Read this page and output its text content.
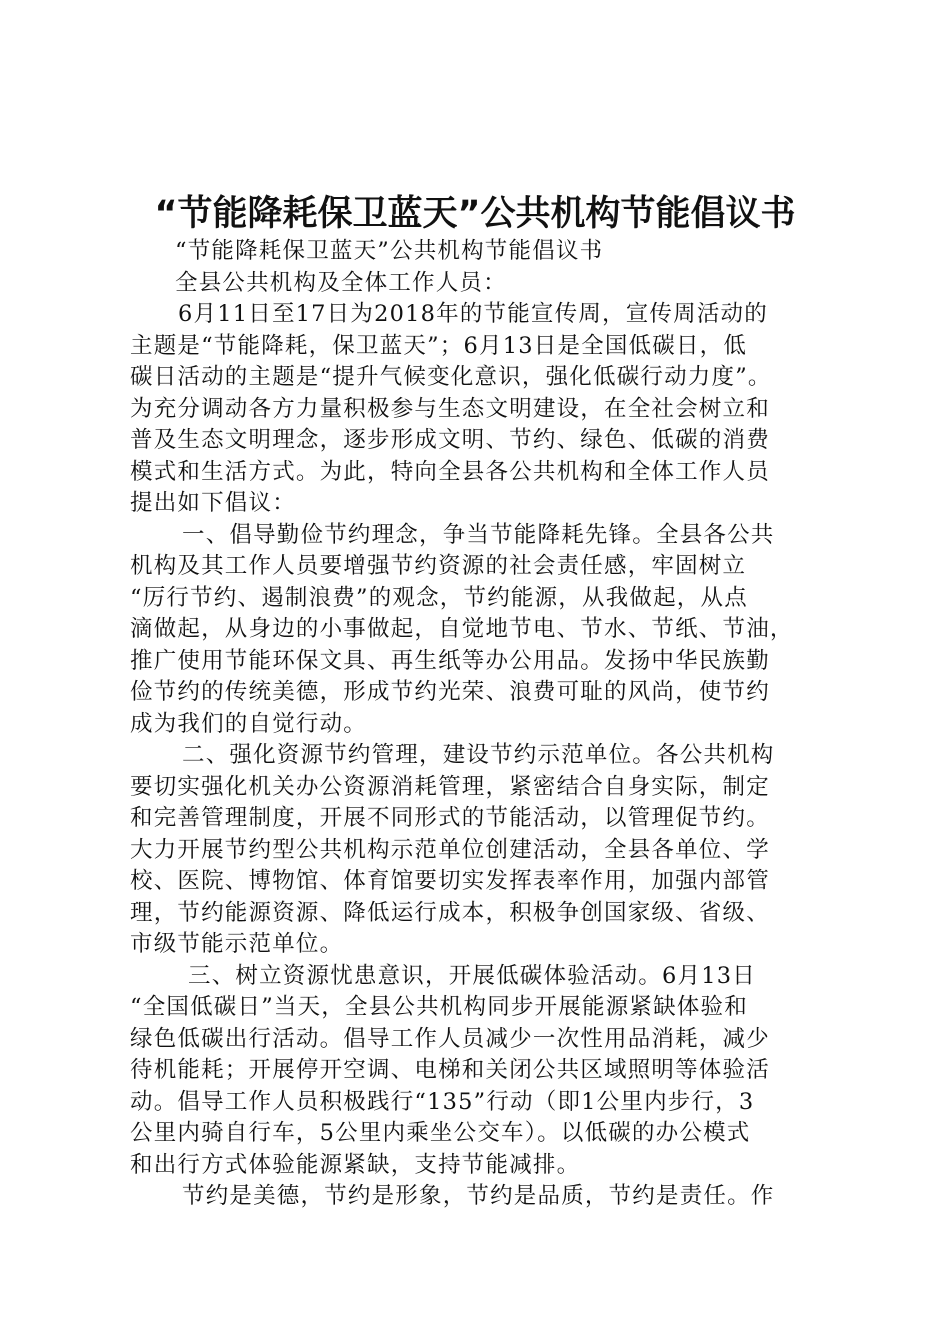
“节能降耗保卫蓝天”公共机构节能倡议书
“节能降耗保卫蓝天”公共机构节能倡议书
全县公共机构及全体工作人员：
6月11日至17日为2018年的节能宣传周，宣传周活动的
主题是“节能降耗，保卫蓝天”；6月13日是全国低碳日，低
碳日活动的主题是“提升气候变化意识，强化低碳行动力度”。
为充分调动各方力量积极参与生态文明建设，在全社会树立和
普及生态文明理念，逐步形成文明、节约、绿色、低碳的消费
模式和生活方式。为此，特向全县各公共机构和全体工作人员
提出如下倡议：
一、倡导勤俭节约理念，争当节能降耗先锋。全县各公共
机构及其工作人员要增强节约资源的社会责任感，牢固树立
“厉行节约、遏制浪费”的观念，节约能源，从我做起，从点
滴做起，从身边的小事做起，自觉地节电、节水、节纸、节油，
推广使用节能环保文具、再生纸等办公用品。发扬中华民族勤
俭节约的传统美德，形成节约光荣、浪费可耻的风尚，使节约
成为我们的自觉行动。
二、强化资源节约管理，建设节约示范单位。各公共机构
要切实强化机关办公资源消耗管理，紧密结合自身实际，制定
和完善管理制度，开展不同形式的节能活动，以管理促节约。
大力开展节约型公共机构示范单位创建活动，全县各单位、学
校、医院、博物馆、体育馆要切实发挥表率作用，加强内部管
理，节约能源资源、降低运行成本，积极争创国家级、省级、
市级节能示范单位。
三、树立资源忧患意识，开展低碳体验活动。6月13日
“全国低碳日”当天，全县公共机构同步开展能源紧缺体验和
绿色低碳出行活动。倡导工作人员减少一次性用品消耗，减少
待机能耗；开展停开空调、电梯和关闭公共区域照明等体验活
动。倡导工作人员积极践行“135”行动（即1公里内步行，3
公里内骑自行车，5公里内乘坐公交车）。以低碳的办公模式
和出行方式体验能源紧缺，支持节能减排。
节约是美德，节约是形象，节约是品质，节约是责任。作
